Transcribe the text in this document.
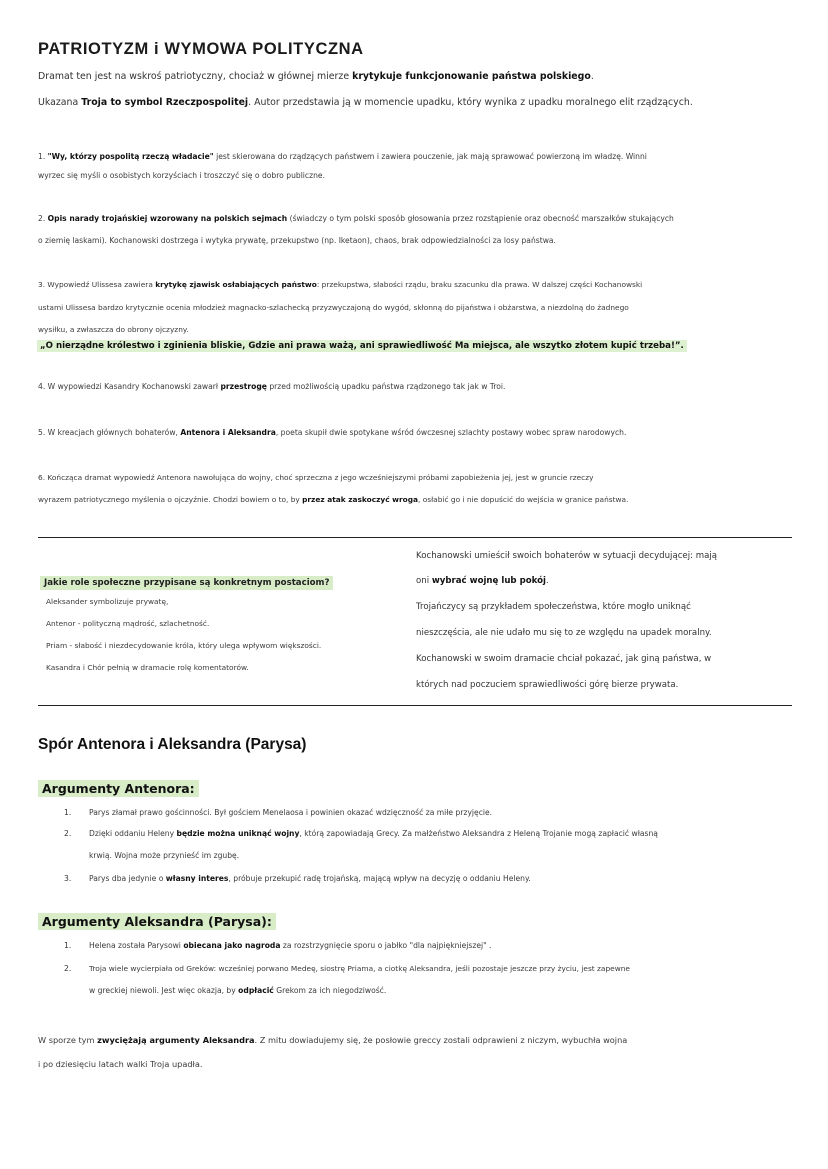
PATRIOTYZM i WYMOWA POLITYCZNA
Dramat ten jest na wskroś patriotyczny, chociaż w głównej mierze krytykuje funkcjonowanie państwa polskiego.
Ukazana Troja to symbol Rzeczpospolitej. Autor przedstawia ją w momencie upadku, który wynika z upadku moralnego elit rządzących.
1. "Wy, którzy pospolitą rzeczą władacie" jest skierowana do rządzących państwem i zawiera pouczenie, jak mają sprawować powierzoną im władzę. Winni
wyrzec się myśli o osobistych korzyściach i troszczyć się o dobro publiczne.
2. Opis narady trojańskiej wzorowany na polskich sejmach (świadczy o tym polski sposób głosowania przez rozstąpienie oraz obecność marszałków stukających
o ziemię laskami). Kochanowski dostrzega i wytyka prywatę, przekupstwo (np. Iketaon), chaos, brak odpowiedzialności za losy państwa.
3. Wypowiedź Ulissesa zawiera krytykę zjawisk osłabiających państwo: przekupstwa, słabości rządu, braku szacunku dla prawa. W dalszej części Kochanowski
ustami Ulissesa bardzo krytycznie ocenia młodzież magnacko-szlachecką przyzwyczajoną do wygód, skłonną do pijaństwa i obżarstwa, a niezdolną do żadnego
wysiłku, a zwłaszcza do obrony ojczyzny.
„O nierządne królestwo i zginienia bliskie, Gdzie ani prawa ważą, ani sprawiedliwość Ma miejsca, ale wszytko złotem kupić trzeba!”.
4. W wypowiedzi Kasandry Kochanowski zawarł przestrogę przed możliwością upadku państwa rządzonego tak jak w Troi.
5. W kreacjach głównych bohaterów, Antenora i Aleksandra, poeta skupił dwie spotykane wśród ówczesnej szlachty postawy wobec spraw narodowych.
6. Kończąca dramat wypowiedź Antenora nawołująca do wojny, choć sprzeczna z jego wcześniejszymi próbami zapobieżenia jej, jest w gruncie rzeczy
wyrazem patriotycznego myślenia o ojczyźnie. Chodzi bowiem o to, by przez atak zaskoczyć wroga, osłabić go i nie dopuścić do wejścia w granice państwa.
Jakie role społeczne przypisane są konkretnym postaciom?
Aleksander symbolizuje prywatę,
Antenor - polityczną mądrość, szlachetność.
Priam - słabość i niezdecydowanie króla, który ulega wpływom większości.
Kasandra i Chór pełnią w dramacie rolę komentatorów.
Kochanowski umieścił swoich bohaterów w sytuacji decydującej: mają
oni wybrać wojnę lub pokój.
Trojańczycy są przykładem społeczeństwa, które mogło uniknąć
nieszczęścia, ale nie udało mu się to ze względu na upadek moralny.
Kochanowski w swoim dramacie chciał pokazać, jak giną państwa, w
których nad poczuciem sprawiedliwości górę bierze prywata.
Spór Antenora i Aleksandra (Parysa)
Argumenty Antenora:
1. Parys złamał prawo gościnności. Był gościem Menelaosa i powinien okazać wdzięczność za miłe przyjęcie.
2. Dzięki oddaniu Heleny będzie można uniknąć wojny, którą zapowiadają Grecy. Za małżeństwo Aleksandra z Heleną Trojanie mogą zapłacić własną
krwią. Wojna może przynieść im zgubę.
3. Parys dba jedynie o własny interes, próbuje przekupić radę trojańską, mającą wpływ na decyzję o oddaniu Heleny.
Argumenty Aleksandra (Parysa):
1. Helena została Parysowi obiecana jako nagroda za rozstrzygnięcie sporu o jabłko "dla najpiękniejszej" .
2. Troja wiele wycierpiała od Greków: wcześniej porwano Medeę, siostrę Priama, a ciotkę Aleksandra, jeśli pozostaje jeszcze przy życiu, jest zapewne
w greckiej niewoli. Jest więc okazja, by odpłacić Grekom za ich niegodziwość.
W sporze tym zwyciężają argumenty Aleksandra. Z mitu dowiadujemy się, że posłowie greccy zostali odprawieni z niczym, wybuchła wojna
i po dziesięciu latach walki Troja upadła.
